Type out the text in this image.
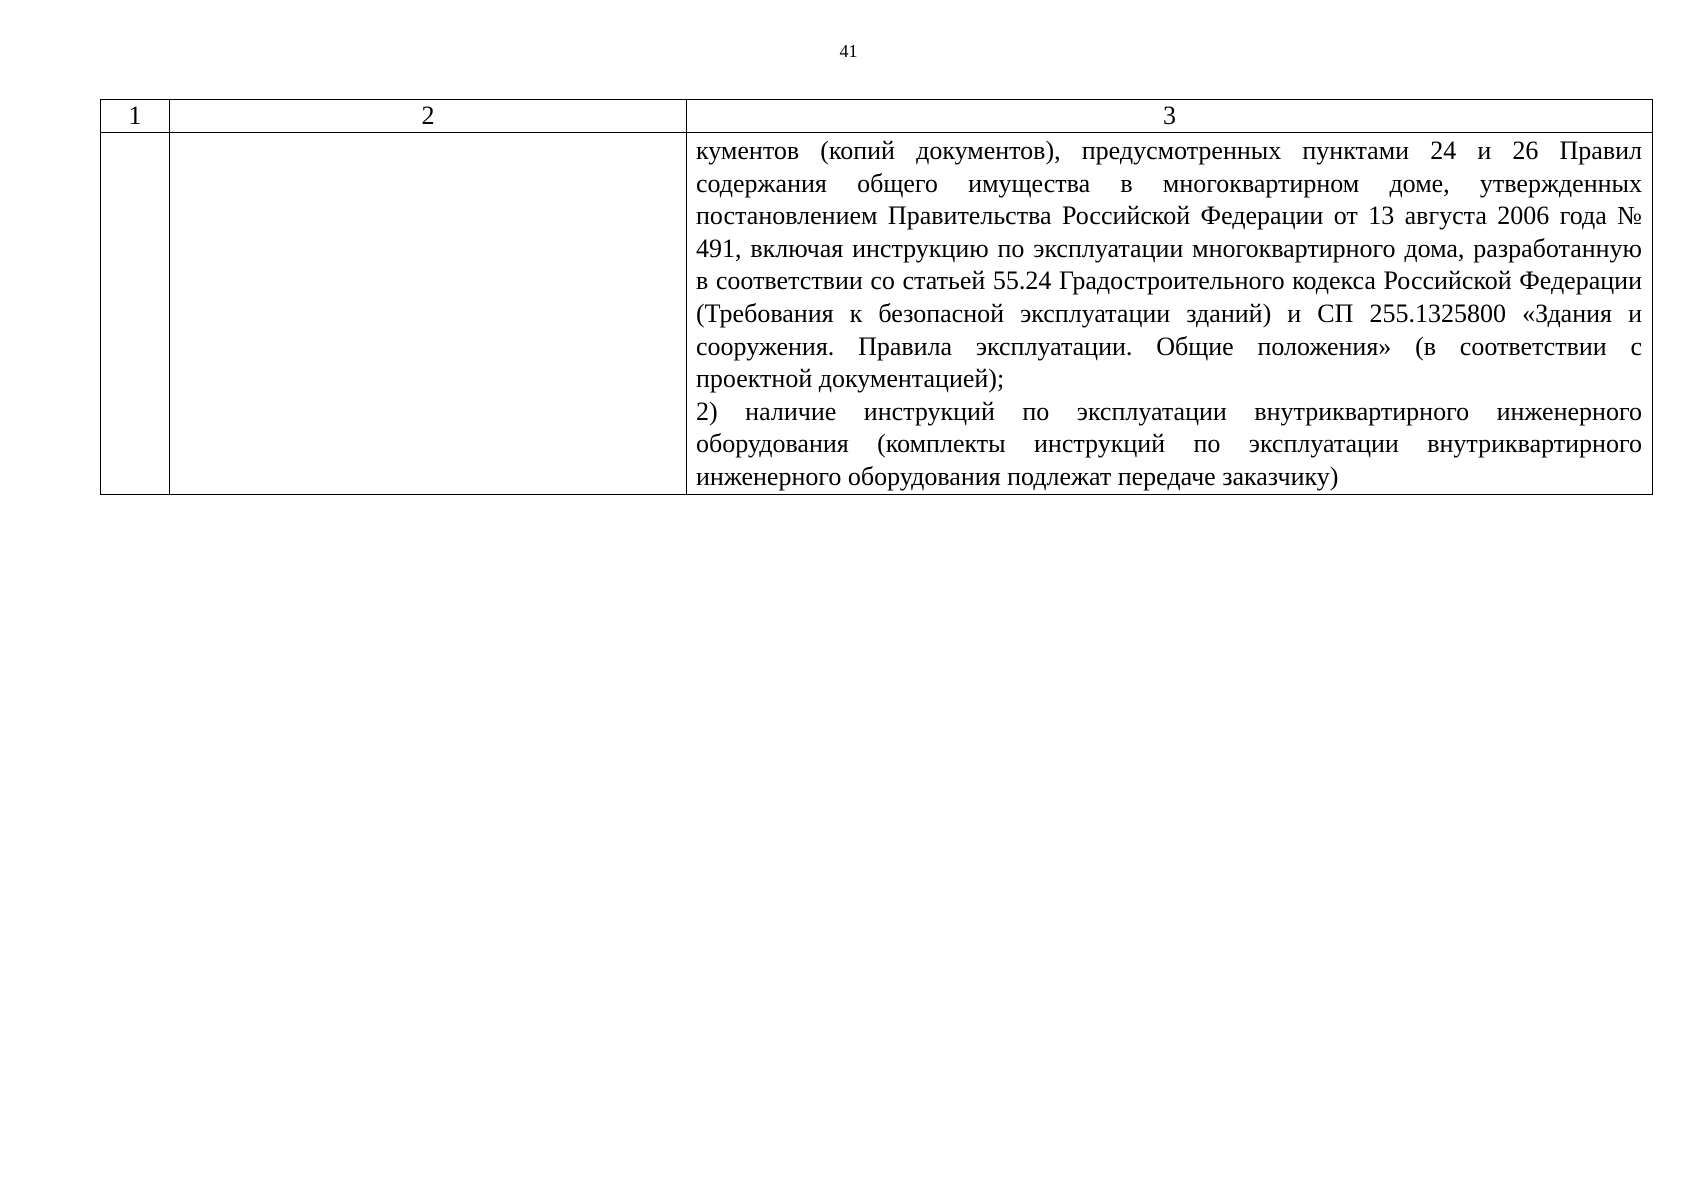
41
1	2	3

		кументов (копий документов), предусмотренных пунктами 24 и 26 Правил содержания общего имущества в многоквартирном доме, утвержденных постановлением Правительства Российской Федерации от 13 августа 2006 года № 491, включая инструкцию по эксплуатации многоквартирного дома, разработанную в соответствии со статьей 55.24 Градостроительного кодекса Российской Федерации (Требования к безопасной эксплуатации зданий) и СП 255.1325800 «Здания и сооружения. Правила эксплуатации. Общие положения» (в соответствии с проектной документацией);

2) наличие инструкций по эксплуатации внутриквартирного инженерного оборудования (комплекты инструкций по эксплуатации внутриквартирного инженерного оборудования подлежат передаче заказчику)
